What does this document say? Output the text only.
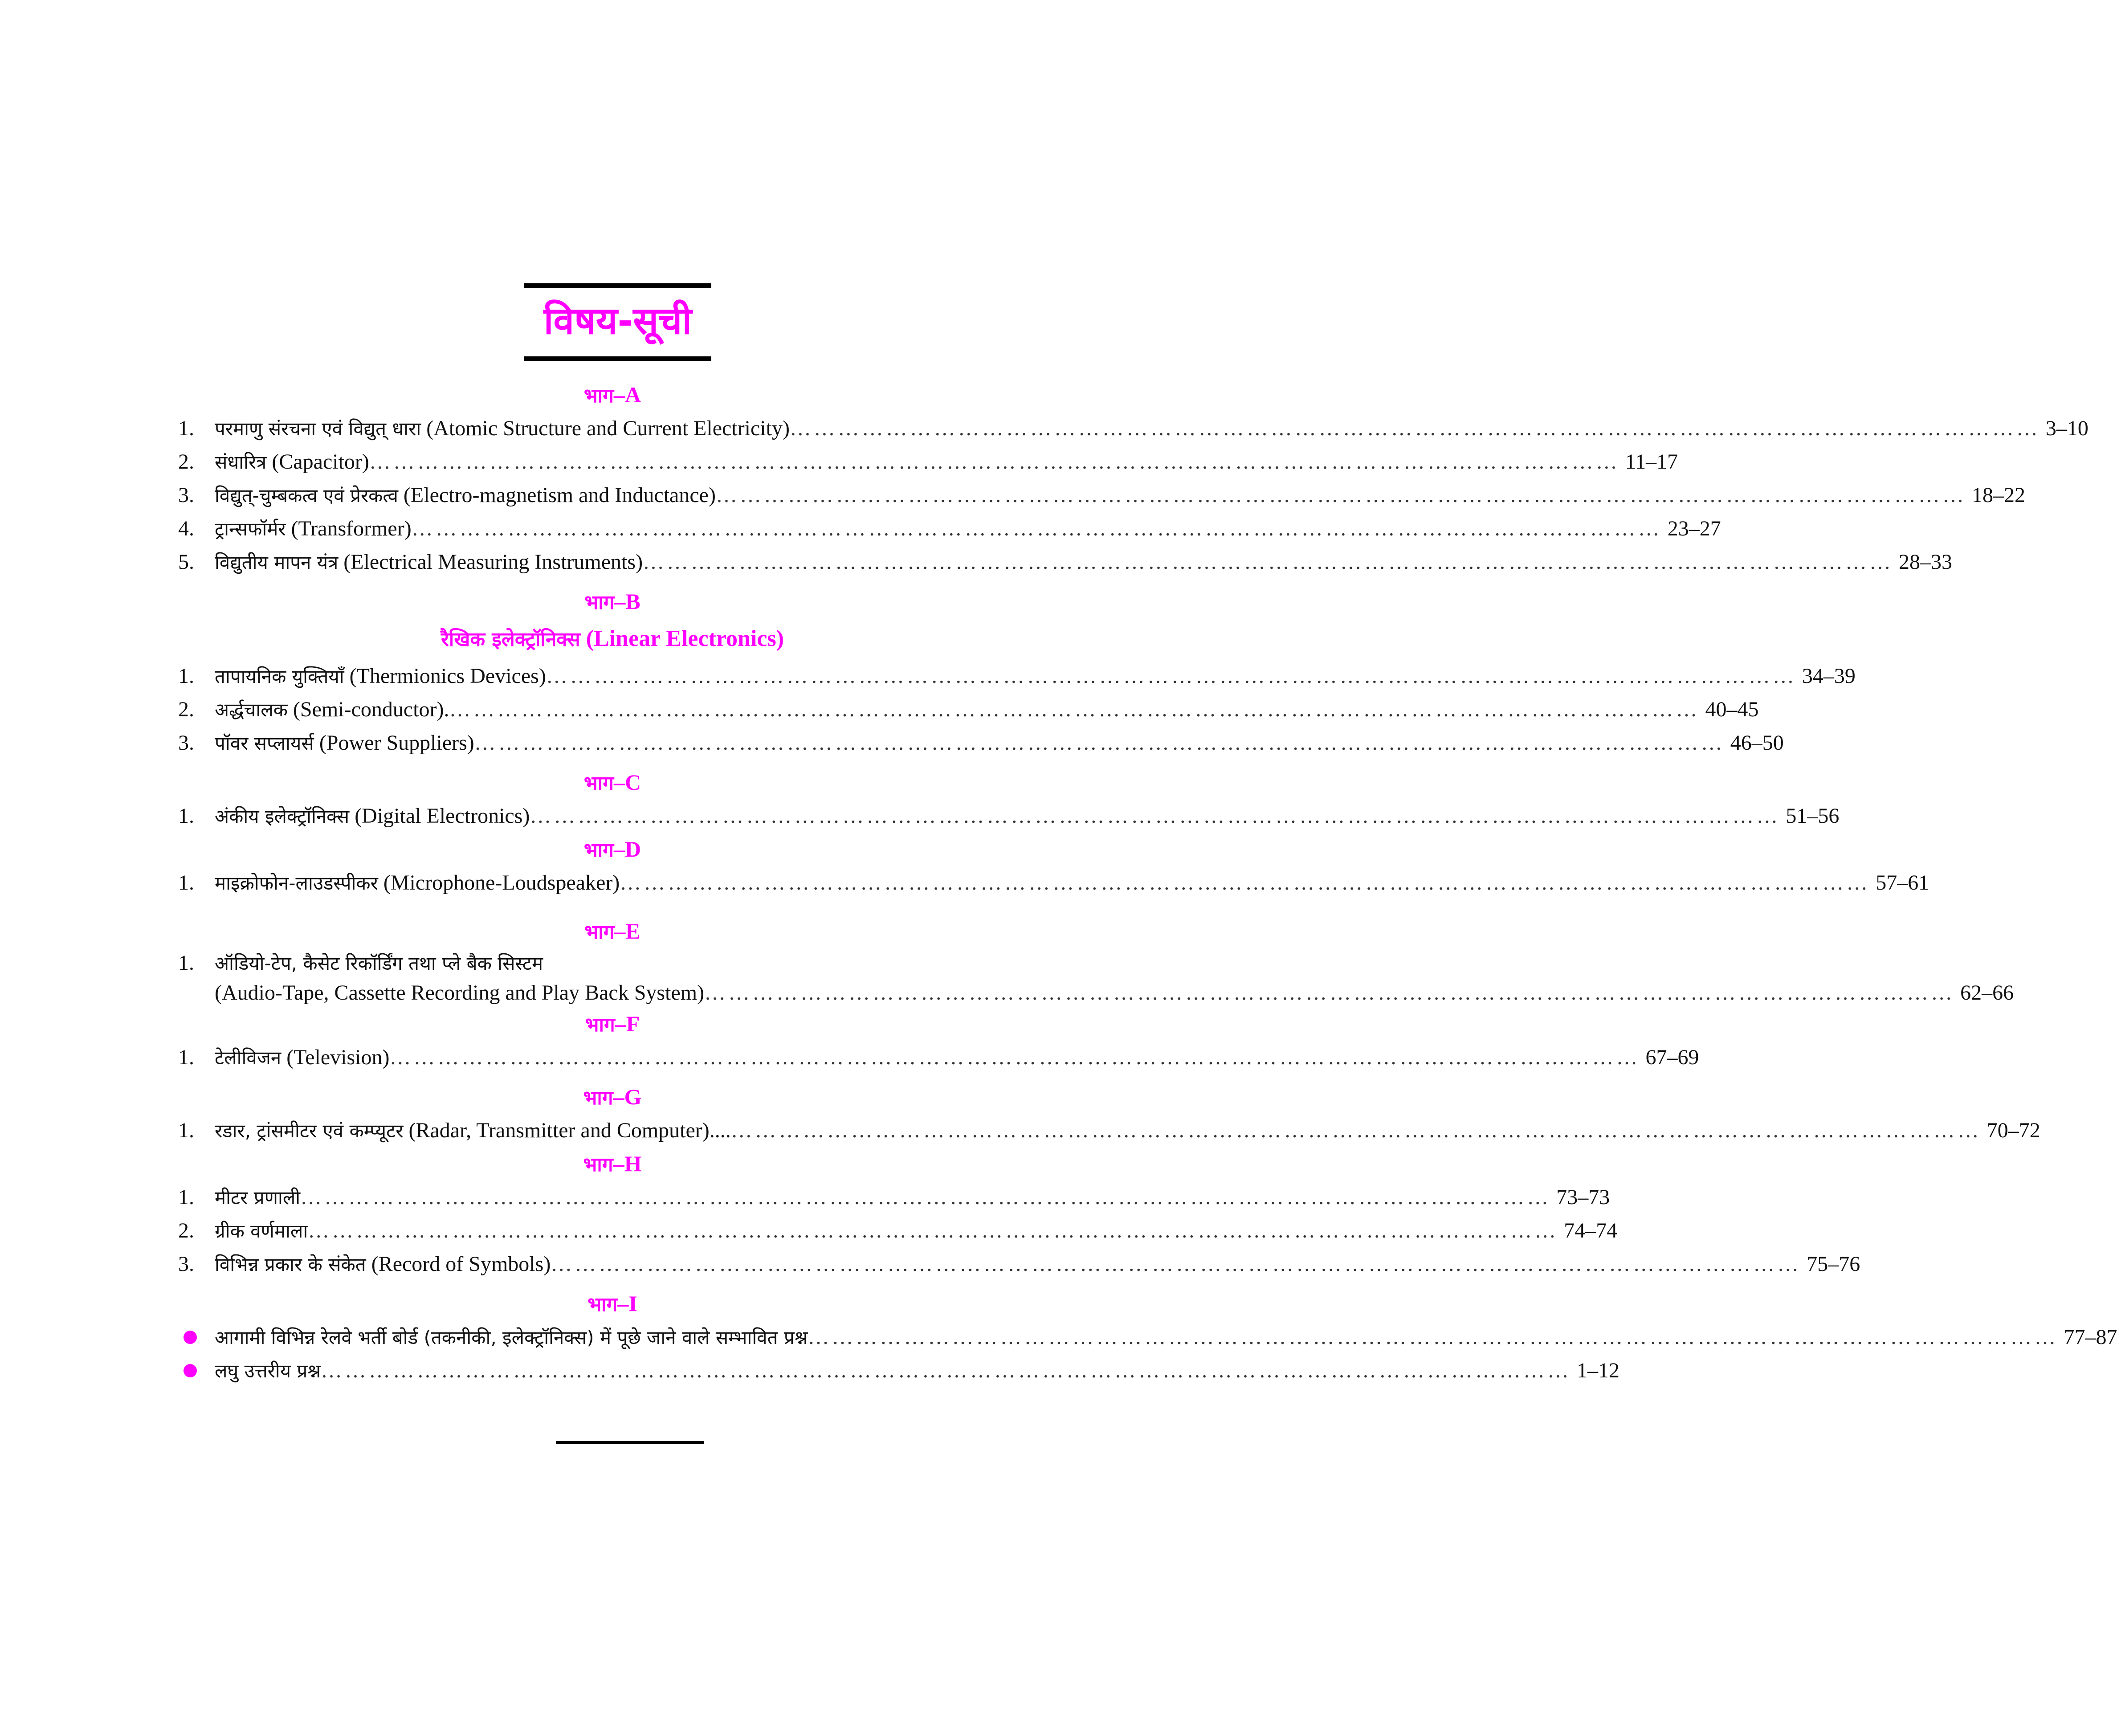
विषय-सूची
भाग–A
1.	परमाणु संरचना एवं विद्युत् धारा (Atomic Structure and Current Electricity) …………………………………………………………………………………………………………………………………………	3–10
2.	संधारित्र (Capacitor) …………………………………………………………………………………………………………………………………………	11–17
3.	विद्युत्-चुम्बकत्व एवं प्रेरकत्व (Electro-magnetism and Inductance) …………………………………………………………………………………………………………………………………………	18–22
4.	ट्रान्सफॉर्मर (Transformer) …………………………………………………………………………………………………………………………………………	23–27
5.	विद्युतीय मापन यंत्र (Electrical Measuring Instruments) …………………………………………………………………………………………………………………………………………	28–33
भाग–B
रैखिक इलेक्ट्रॉनिक्स (Linear Electronics)
1.	तापायनिक युक्तियाँ (Thermionics Devices) …………………………………………………………………………………………………………………………………………	34–39
2.	अर्द्धचालक (Semi-conductor). …………………………………………………………………………………………………………………………………………	40–45
3.	पॉवर सप्लायर्स (Power Suppliers) …………………………………………………………………………………………………………………………………………	46–50
भाग–C
1.	अंकीय इलेक्ट्रॉनिक्स (Digital Electronics) …………………………………………………………………………………………………………………………………………	51–56
भाग–D
1.	माइक्रोफोन-लाउडस्पीकर (Microphone-Loudspeaker) …………………………………………………………………………………………………………………………………………	57–61
भाग–E
1.	ऑडियो-टेप, कैसेट रिकॉर्डिंग तथा प्ले बैक सिस्टम
(Audio-Tape, Cassette Recording and Play Back System) …………………………………………………………………………………………………………………………………………	62–66
भाग–F
1.	टेलीविजन (Television) …………………………………………………………………………………………………………………………………………	67–69
भाग–G
1.	रडार, ट्रांसमीटर एवं कम्प्यूटर (Radar, Transmitter and Computer).... …………………………………………………………………………………………………………………………………………	70–72
भाग–H
1.	मीटर प्रणाली …………………………………………………………………………………………………………………………………………	73–73
2.	ग्रीक वर्णमाला …………………………………………………………………………………………………………………………………………	74–74
3.	विभिन्न प्रकार के संकेत (Record of Symbols) …………………………………………………………………………………………………………………………………………	75–76
भाग–I
आगामी विभिन्न रेलवे भर्ती बोर्ड (तकनीकी, इलेक्ट्रॉनिक्स) में पूछे जाने वाले सम्भावित प्रश्न …………………………………………………………………………………………………………………………………………	77–87
लघु उत्तरीय प्रश्न …………………………………………………………………………………………………………………………………………	1–12
